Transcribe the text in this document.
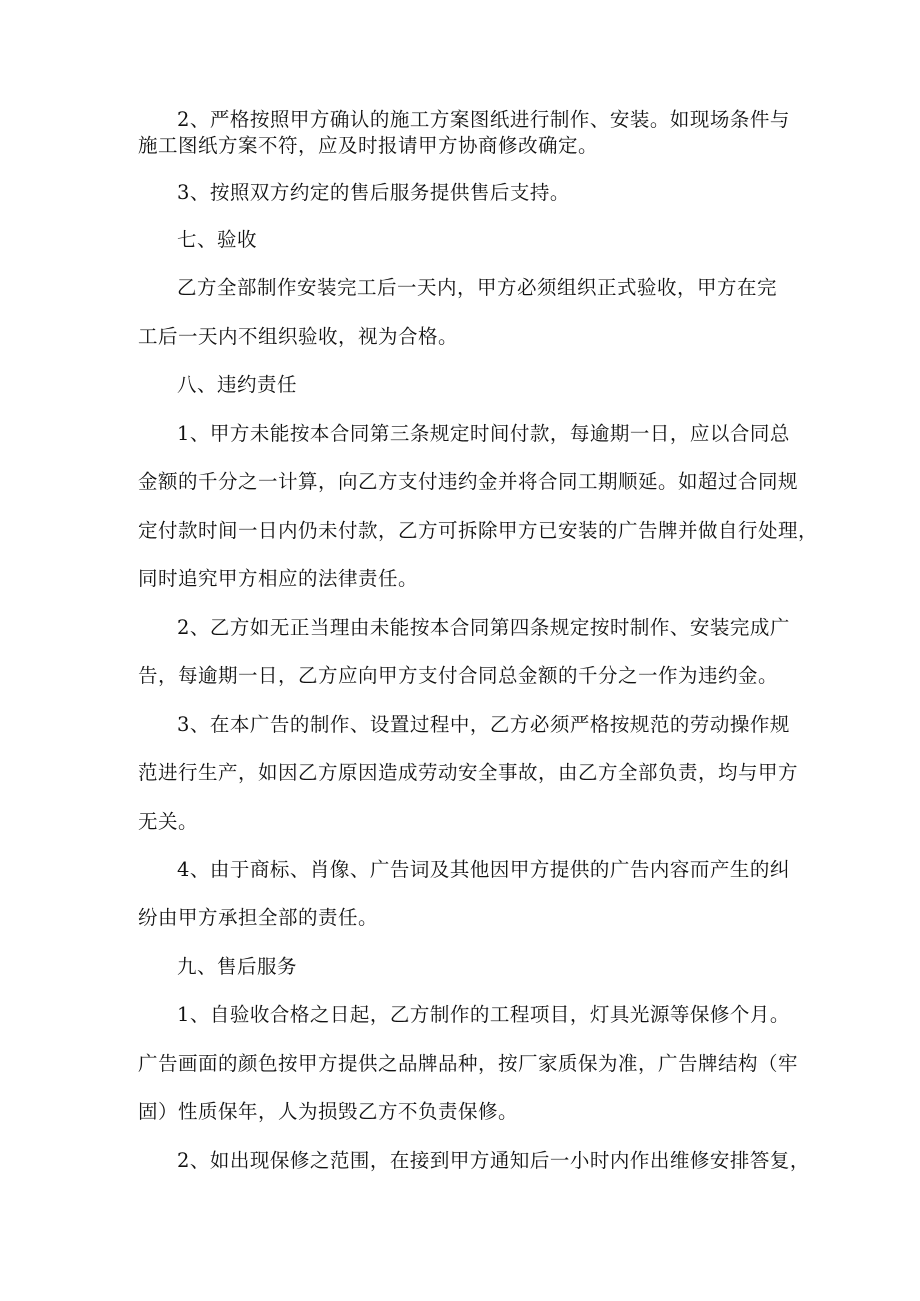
2、严格按照甲方确认的施工方案图纸进行制作、安装。如现场条件与
施工图纸方案不符，应及时报请甲方协商修改确定。
3、按照双方约定的售后服务提供售后支持。
七、验收
乙方全部制作安装完工后一天内，甲方必须组织正式验收，甲方在完
工后一天内不组织验收，视为合格。
八、违约责任
1、甲方未能按本合同第三条规定时间付款，每逾期一日，应以合同总
金额的千分之一计算，向乙方支付违约金并将合同工期顺延。如超过合同规
定付款时间一日内仍未付款，乙方可拆除甲方已安装的广告牌并做自行处理，
同时追究甲方相应的法律责任。
2、乙方如无正当理由未能按本合同第四条规定按时制作、安装完成广
告，每逾期一日，乙方应向甲方支付合同总金额的千分之一作为违约金。
3、在本广告的制作、设置过程中，乙方必须严格按规范的劳动操作规
范进行生产，如因乙方原因造成劳动安全事故，由乙方全部负责，均与甲方
无关。
4、由于商标、肖像、广告词及其他因甲方提供的广告内容而产生的纠
纷由甲方承担全部的责任。
九、售后服务
1、自验收合格之日起，乙方制作的工程项目，灯具光源等保修个月。
广告画面的颜色按甲方提供之品牌品种，按厂家质保为准，广告牌结构（牢
固）性质保年，人为损毁乙方不负责保修。
2、如出现保修之范围，在接到甲方通知后一小时内作出维修安排答复，
